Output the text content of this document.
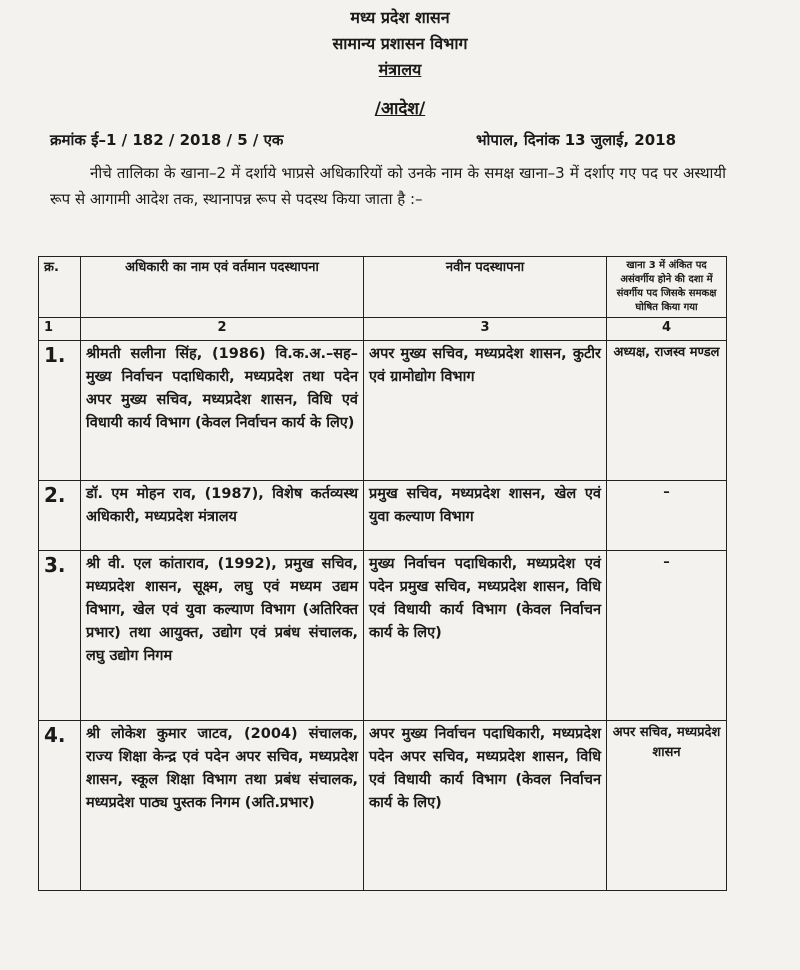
मध्य प्रदेश शासन
सामान्य प्रशासन विभाग
मंत्रालय
/आदेश/
क्रमांक ई–1 / 182 / 2018 / 5 / एक	भोपाल, दिनांक 13 जुलाई, 2018
नीचे तालिका के खाना–2 में दर्शाये भाप्रसे अधिकारियों को उनके नाम के समक्ष खाना–3 में दर्शाए गए पद पर अस्थायी रूप से आगामी आदेश तक, स्थानापन्न रूप से पदस्थ किया जाता है :–
क्र.	अधिकारी का नाम एवं वर्तमान पदस्थापना	नवीन पदस्थापना	खाना 3 में अंकित पद असंवर्गीय होने की दशा में संवर्गीय पद जिसके समकक्ष घोषित किया गया
1	2	3	4
1.	श्रीमती सलीना सिंह, (1986) वि.क.अ.–सह–मुख्य निर्वाचन पदाधिकारी, मध्यप्रदेश तथा पदेन अपर मुख्य सचिव, मध्यप्रदेश शासन, विधि एवं विधायी कार्य विभाग (केवल निर्वाचन कार्य के लिए)	अपर मुख्य सचिव, मध्यप्रदेश शासन, कुटीर एवं ग्रामोद्योग विभाग	अध्यक्ष, राजस्व मण्डल
2.	डॉ. एम मोहन राव, (1987), विशेष कर्तव्यस्थ अधिकारी, मध्यप्रदेश मंत्रालय	प्रमुख सचिव, मध्यप्रदेश शासन, खेल एवं युवा कल्याण विभाग	–
3.	श्री वी. एल कांताराव, (1992), प्रमुख सचिव, मध्यप्रदेश शासन, सूक्ष्म, लघु एवं मध्यम उद्यम विभाग, खेल एवं युवा कल्याण विभाग (अतिरिक्त प्रभार) तथा आयुक्त, उद्योग एवं प्रबंध संचालक, लघु उद्योग निगम	मुख्य निर्वाचन पदाधिकारी, मध्यप्रदेश एवं पदेन प्रमुख सचिव, मध्यप्रदेश शासन, विधि एवं विधायी कार्य विभाग (केवल निर्वाचन कार्य के लिए)	–
4.	श्री लोकेश कुमार जाटव, (2004) संचालक, राज्य शिक्षा केन्द्र एवं पदेन अपर सचिव, मध्यप्रदेश शासन, स्कूल शिक्षा विभाग तथा प्रबंध संचालक, मध्यप्रदेश पाठ्य पुस्तक निगम (अति.प्रभार)	अपर मुख्य निर्वाचन पदाधिकारी, मध्यप्रदेश पदेन अपर सचिव, मध्यप्रदेश शासन, विधि एवं विधायी कार्य विभाग (केवल निर्वाचन कार्य के लिए)	अपर सचिव, मध्यप्रदेश शासन
